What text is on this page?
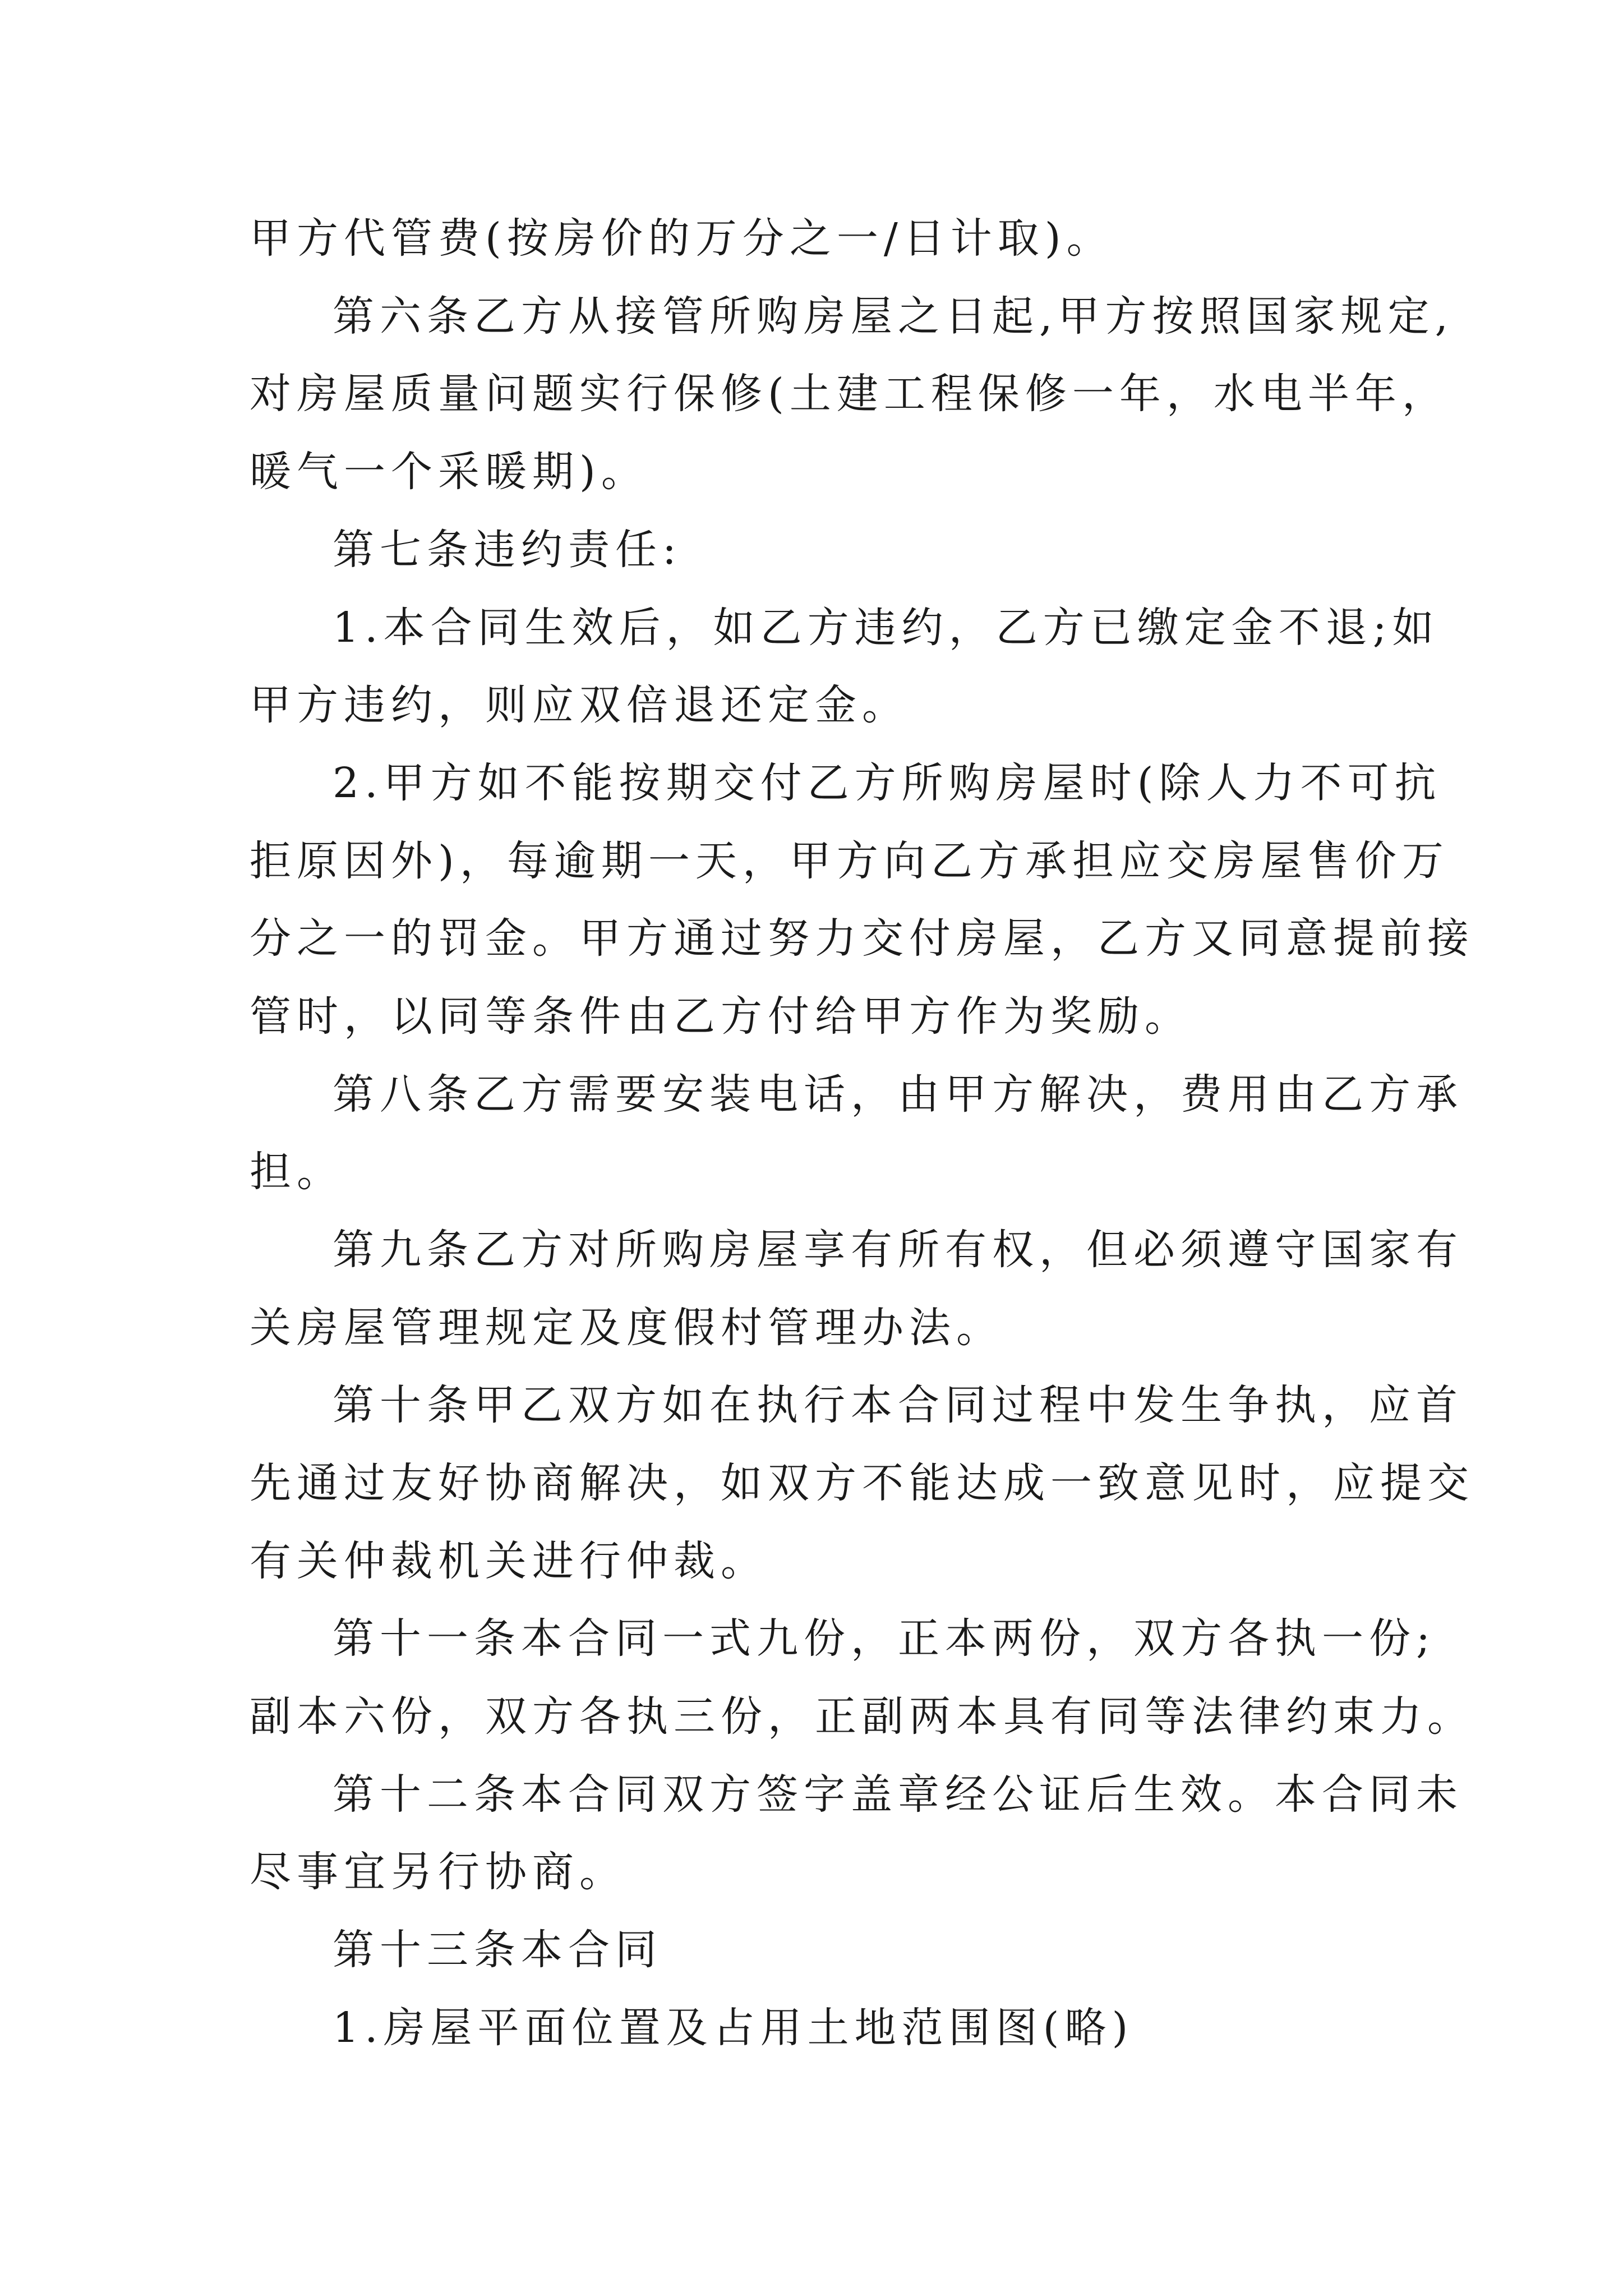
甲方代管费(按房价的万分之一/日计取)。
第六条乙方从接管所购房屋之日起,甲方按照国家规定,
对房屋质量问题实行保修(土建工程保修一年，水电半年，
暖气一个采暖期)。
第七条违约责任:
1.本合同生效后，如乙方违约，乙方已缴定金不退;如
甲方违约，则应双倍退还定金。
2.甲方如不能按期交付乙方所购房屋时(除人力不可抗
拒原因外)，每逾期一天，甲方向乙方承担应交房屋售价万
分之一的罚金。甲方通过努力交付房屋，乙方又同意提前接
管时，以同等条件由乙方付给甲方作为奖励。
第八条乙方需要安装电话，由甲方解决，费用由乙方承
担。
第九条乙方对所购房屋享有所有权，但必须遵守国家有
关房屋管理规定及度假村管理办法。
第十条甲乙双方如在执行本合同过程中发生争执，应首
先通过友好协商解决，如双方不能达成一致意见时，应提交
有关仲裁机关进行仲裁。
第十一条本合同一式九份，正本两份，双方各执一份;
副本六份，双方各执三份，正副两本具有同等法律约束力。
第十二条本合同双方签字盖章经公证后生效。本合同未
尽事宜另行协商。
第十三条本合同
1.房屋平面位置及占用土地范围图(略)
